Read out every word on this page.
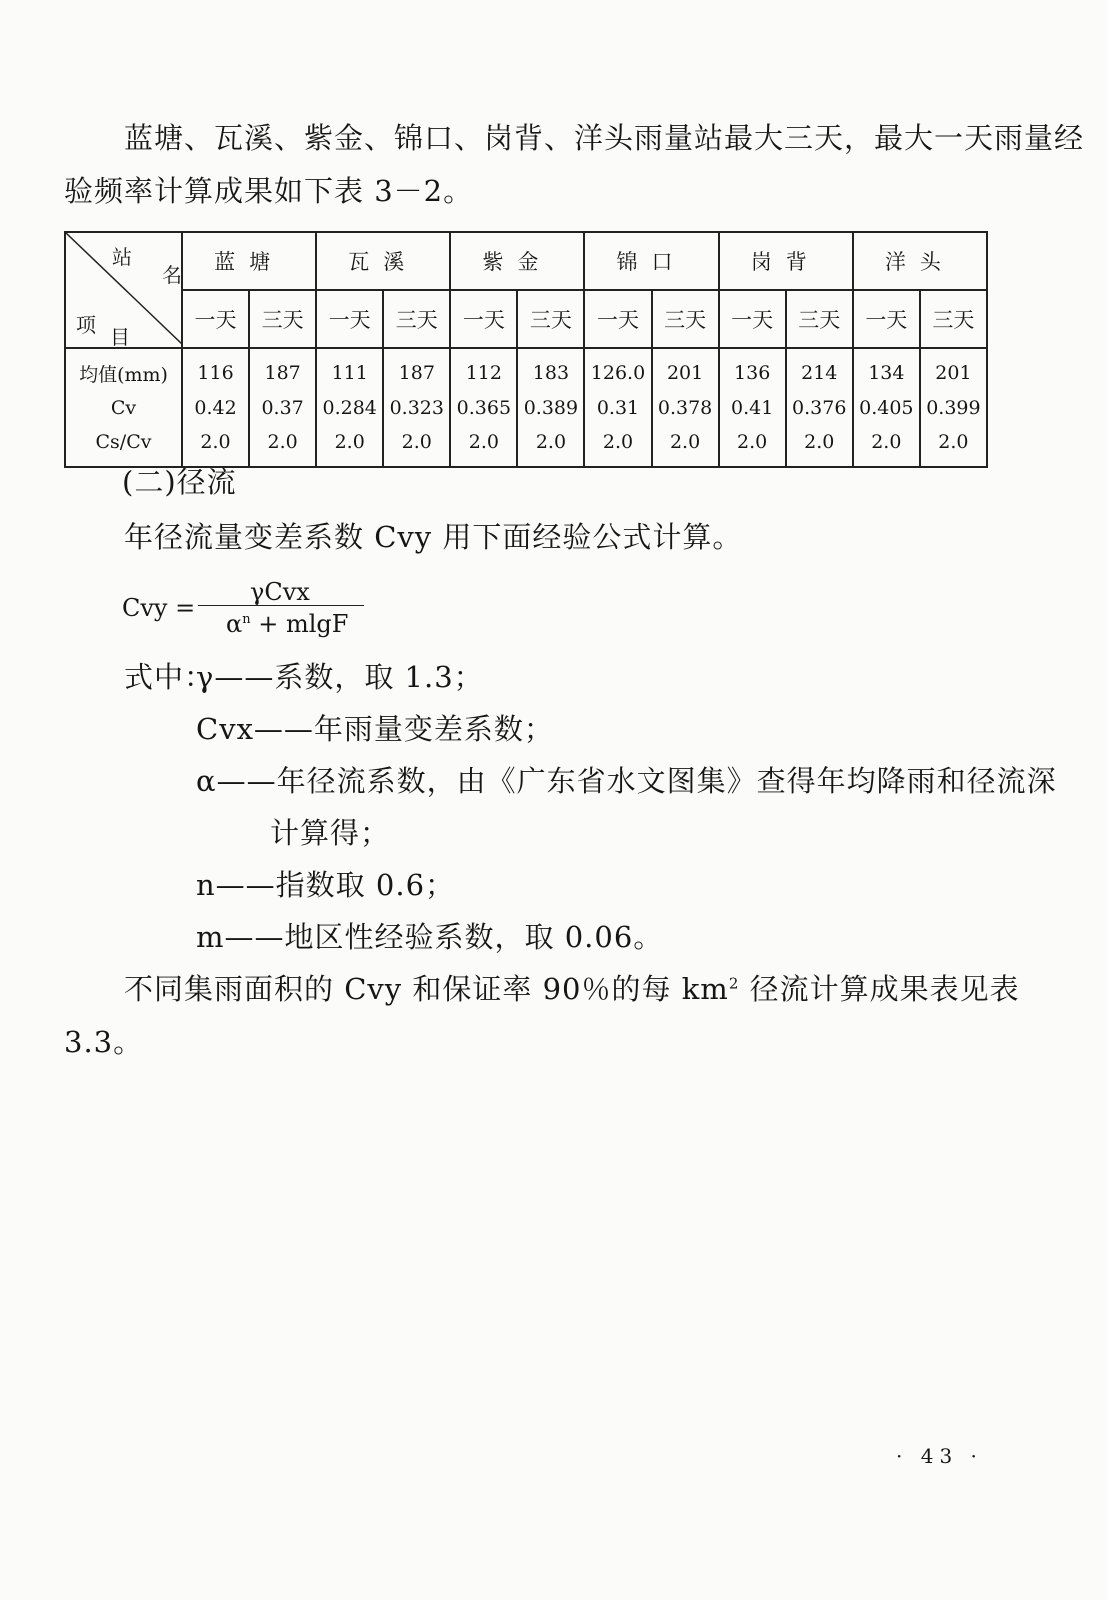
蓝塘、瓦溪、紫金、锦口、岗背、洋头雨量站最大三天，最大一天雨量经
验频率计算成果如下表 3－2。
站
名
项 目	蓝塘		瓦溪		紫金		锦口		岗背		洋头	
	一天	三天	一天	三天	一天	三天	一天	三天	一天	三天	一天	三天
均值(mm)	116	187	111	187	112	183	126.0	201	136	214	134	201
Cv	0.42	0.37	0.284	0.323	0.365	0.389	0.31	0.378	0.41	0.376	0.405	0.399
Cs/Cv	2.0	2.0	2.0	2.0	2.0	2.0	2.0	2.0	2.0	2.0	2.0	2.0
(二)径流
年径流量变差系数 Cvy 用下面经验公式计算。
Cvy =
γCvx
$\alpha^n + mlgF$
式中：
γ——系数，取 1.3；
Cvx——年雨量变差系数；
α——年径流系数，由《广东省水文图集》查得年均降雨和径流深
计算得；
n——指数取 0.6；
m——地区性经验系数，取 0.06。
不同集雨面积的 Cvy 和保证率 90％的每 $km^2$ 径流计算成果表见表
3.3。
· 43 ·
